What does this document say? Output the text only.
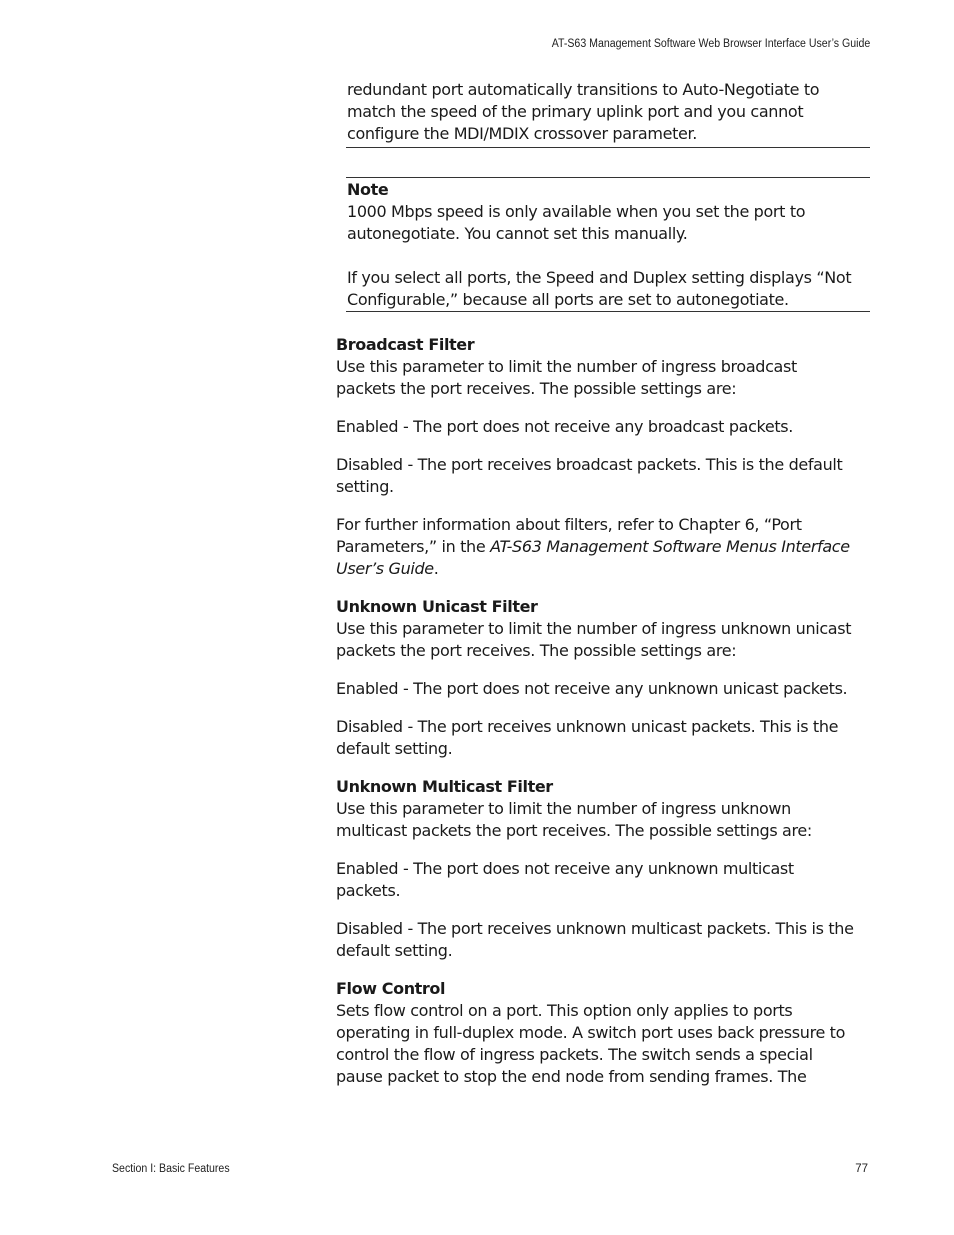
AT-S63 Management Software Web Browser Interface User’s Guide

redundant port automatically transitions to Auto-Negotiate to match the speed of the primary uplink port and you cannot configure the MDI/MDIX crossover parameter.

Note

1000 Mbps speed is only available when you set the port to autonegotiate. You cannot set this manually.

If you select all ports, the Speed and Duplex setting displays “Not Configurable,” because all ports are set to autonegotiate.

Broadcast Filter

Use this parameter to limit the number of ingress broadcast packets the port receives. The possible settings are:

Enabled - The port does not receive any broadcast packets.

Disabled - The port receives broadcast packets. This is the default setting.

For further information about filters, refer to Chapter 6, “Port Parameters,” in the AT-S63 Management Software Menus Interface User’s Guide.

Unknown Unicast Filter

Use this parameter to limit the number of ingress unknown unicast packets the port receives. The possible settings are:

Enabled - The port does not receive any unknown unicast packets.

Disabled - The port receives unknown unicast packets. This is the default setting.

Unknown Multicast Filter

Use this parameter to limit the number of ingress unknown multicast packets the port receives. The possible settings are:

Enabled - The port does not receive any unknown multicast packets.

Disabled - The port receives unknown multicast packets. This is the default setting.

Flow Control

Sets flow control on a port. This option only applies to ports operating in full-duplex mode. A switch port uses back pressure to control the flow of ingress packets. The switch sends a special pause packet to stop the end node from sending frames. The

Section I: Basic Features	77
